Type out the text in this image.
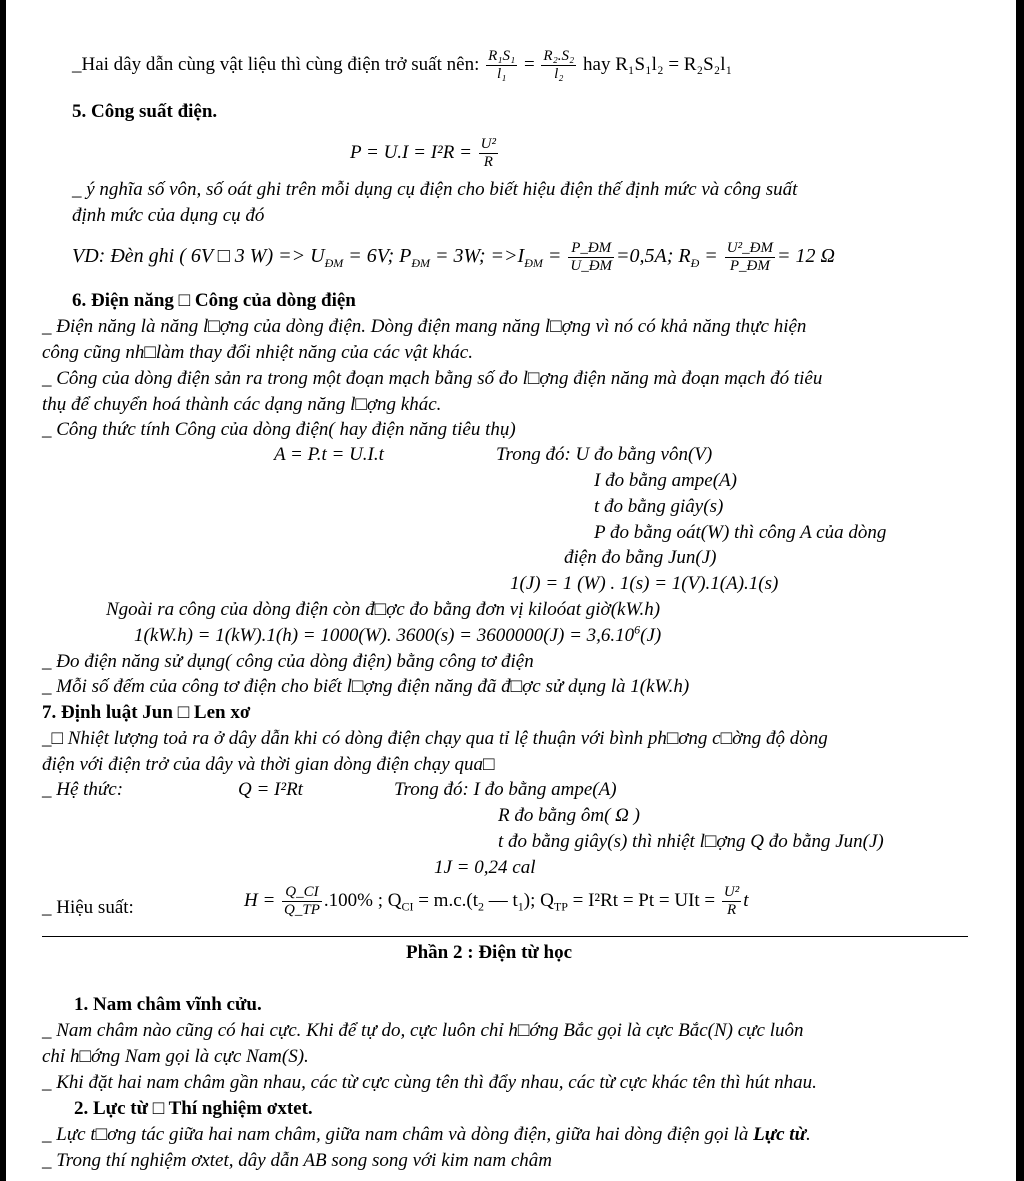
_Hai dây dẫn cùng vật liệu thì cùng điện trở suất nên: $\frac{\text{R₁S₁}}{\text{l₁}} = \frac{\text{R₂.S₂}}{\text{l₂}}$ hay R₁S₁l₂ = R₂S₂l₁
5. Công suất điện.
$P = U.I = I^2R = \frac{\text{U²}}{R}$
_ ý nghĩa số vôn, số oát ghi trên mỗi dụng cụ điện cho biết hiệu điện thế định mức và công suất
định mức của dụng cụ đó
VD: Đèn ghi ( 6V □ 3 $W) => U_{ĐM} = 6V$; $P_{ĐM} = 3W$; $=>I_{ĐM} = \frac{P\_ĐM}{U\_ĐM} =0,5A$; $R_Đ = \frac{\text{U²\_ĐM}}{P\_ĐM} = 12$ Ω
6. Điện năng □ Công của dòng điện
_ Điện năng là năng l□ợng của dòng điện. Dòng điện mang năng l□ợng vì nó có khả năng thực hiện
công cũng nh□làm thay đổi nhiệt năng của các vật khác.
_ Công của dòng điện sản ra trong một đoạn mạch bằng số đo l□ợng điện năng mà đoạn mạch đó tiêu
thụ để chuyển hoá thành các dạng năng l□ợng khác.
_ Công thức tính Công của dòng điện( hay điện năng tiêu thụ)
A = P.t = U.I.t	Trong đó: U đo bằng vôn(V)
I đo bằng ampe(A)
t đo bằng giây(s)
P đo bằng oát(W) thì công A của dòng
điện đo bằng Jun(J)
1(J) = 1 (W) . 1(s) = 1(V).1(A).1(s)
Ngoài ra công của dòng điện còn đ□ợc đo bằng đơn vị kiloóat giờ(kW.h)
1(kW.h) = 1(kW).1(h) = 1000(W). $3600(s) = 3600000(J) = 3,6.10^6(J)$
_ Đo điện năng sử dụng( công của dòng điện) bằng công tơ điện
_ Mỗi số đếm của công tơ điện cho biết l□ợng điện năng đã đ□ợc sử dụng là 1(kW.h)
7. Định luật Jun □ Len xơ
_□ Nhiệt lượng toả ra ở dây dẫn khi có dòng điện chạy qua tỉ lệ thuận với bình ph□ơng c□ờng độ dòng
điện với điện trở của dây và thời gian dòng điện chạy qua□
_ Hệ thức:	Q = I²Rt	Trong đó: I đo bằng ampe(A)
R đo bằng ôm( Ω )
t đo bằng giây(s) thì nhiệt l□ợng Q đo bằng Jun(J)
1J = 0,24 cal
_ Hiệu suất:	$H = \frac{Q\_CI}{Q\_TP} .100\%$ ; $Q_{CI} = m.c.(t_2$ — $t_1$); $Q_{TP} = I^2Rt = Pt$ = UIt = $\frac{\text{U²}}{R}$ t
Phần 2 : Điện từ học
1. Nam châm vĩnh cửu.
_ Nam châm nào cũng có hai cực. Khi để tự do, cực luôn chỉ h□ớng Bắc gọi là cực Bắc(N) cực luôn
chỉ h□ớng Nam gọi là cực Nam(S).
_ Khi đặt hai nam châm gần nhau, các từ cực cùng tên thì đẩy nhau, các từ cực khác tên thì hút nhau.
2. Lực từ □ Thí nghiệm ơxtet.
_ Lực t□ơng tác giữa hai nam châm, giữa nam châm và dòng điện, giữa hai dòng điện gọi là Lực từ.
_ Trong thí nghiệm ơxtet, dây dẫn AB song song với kim nam châm
